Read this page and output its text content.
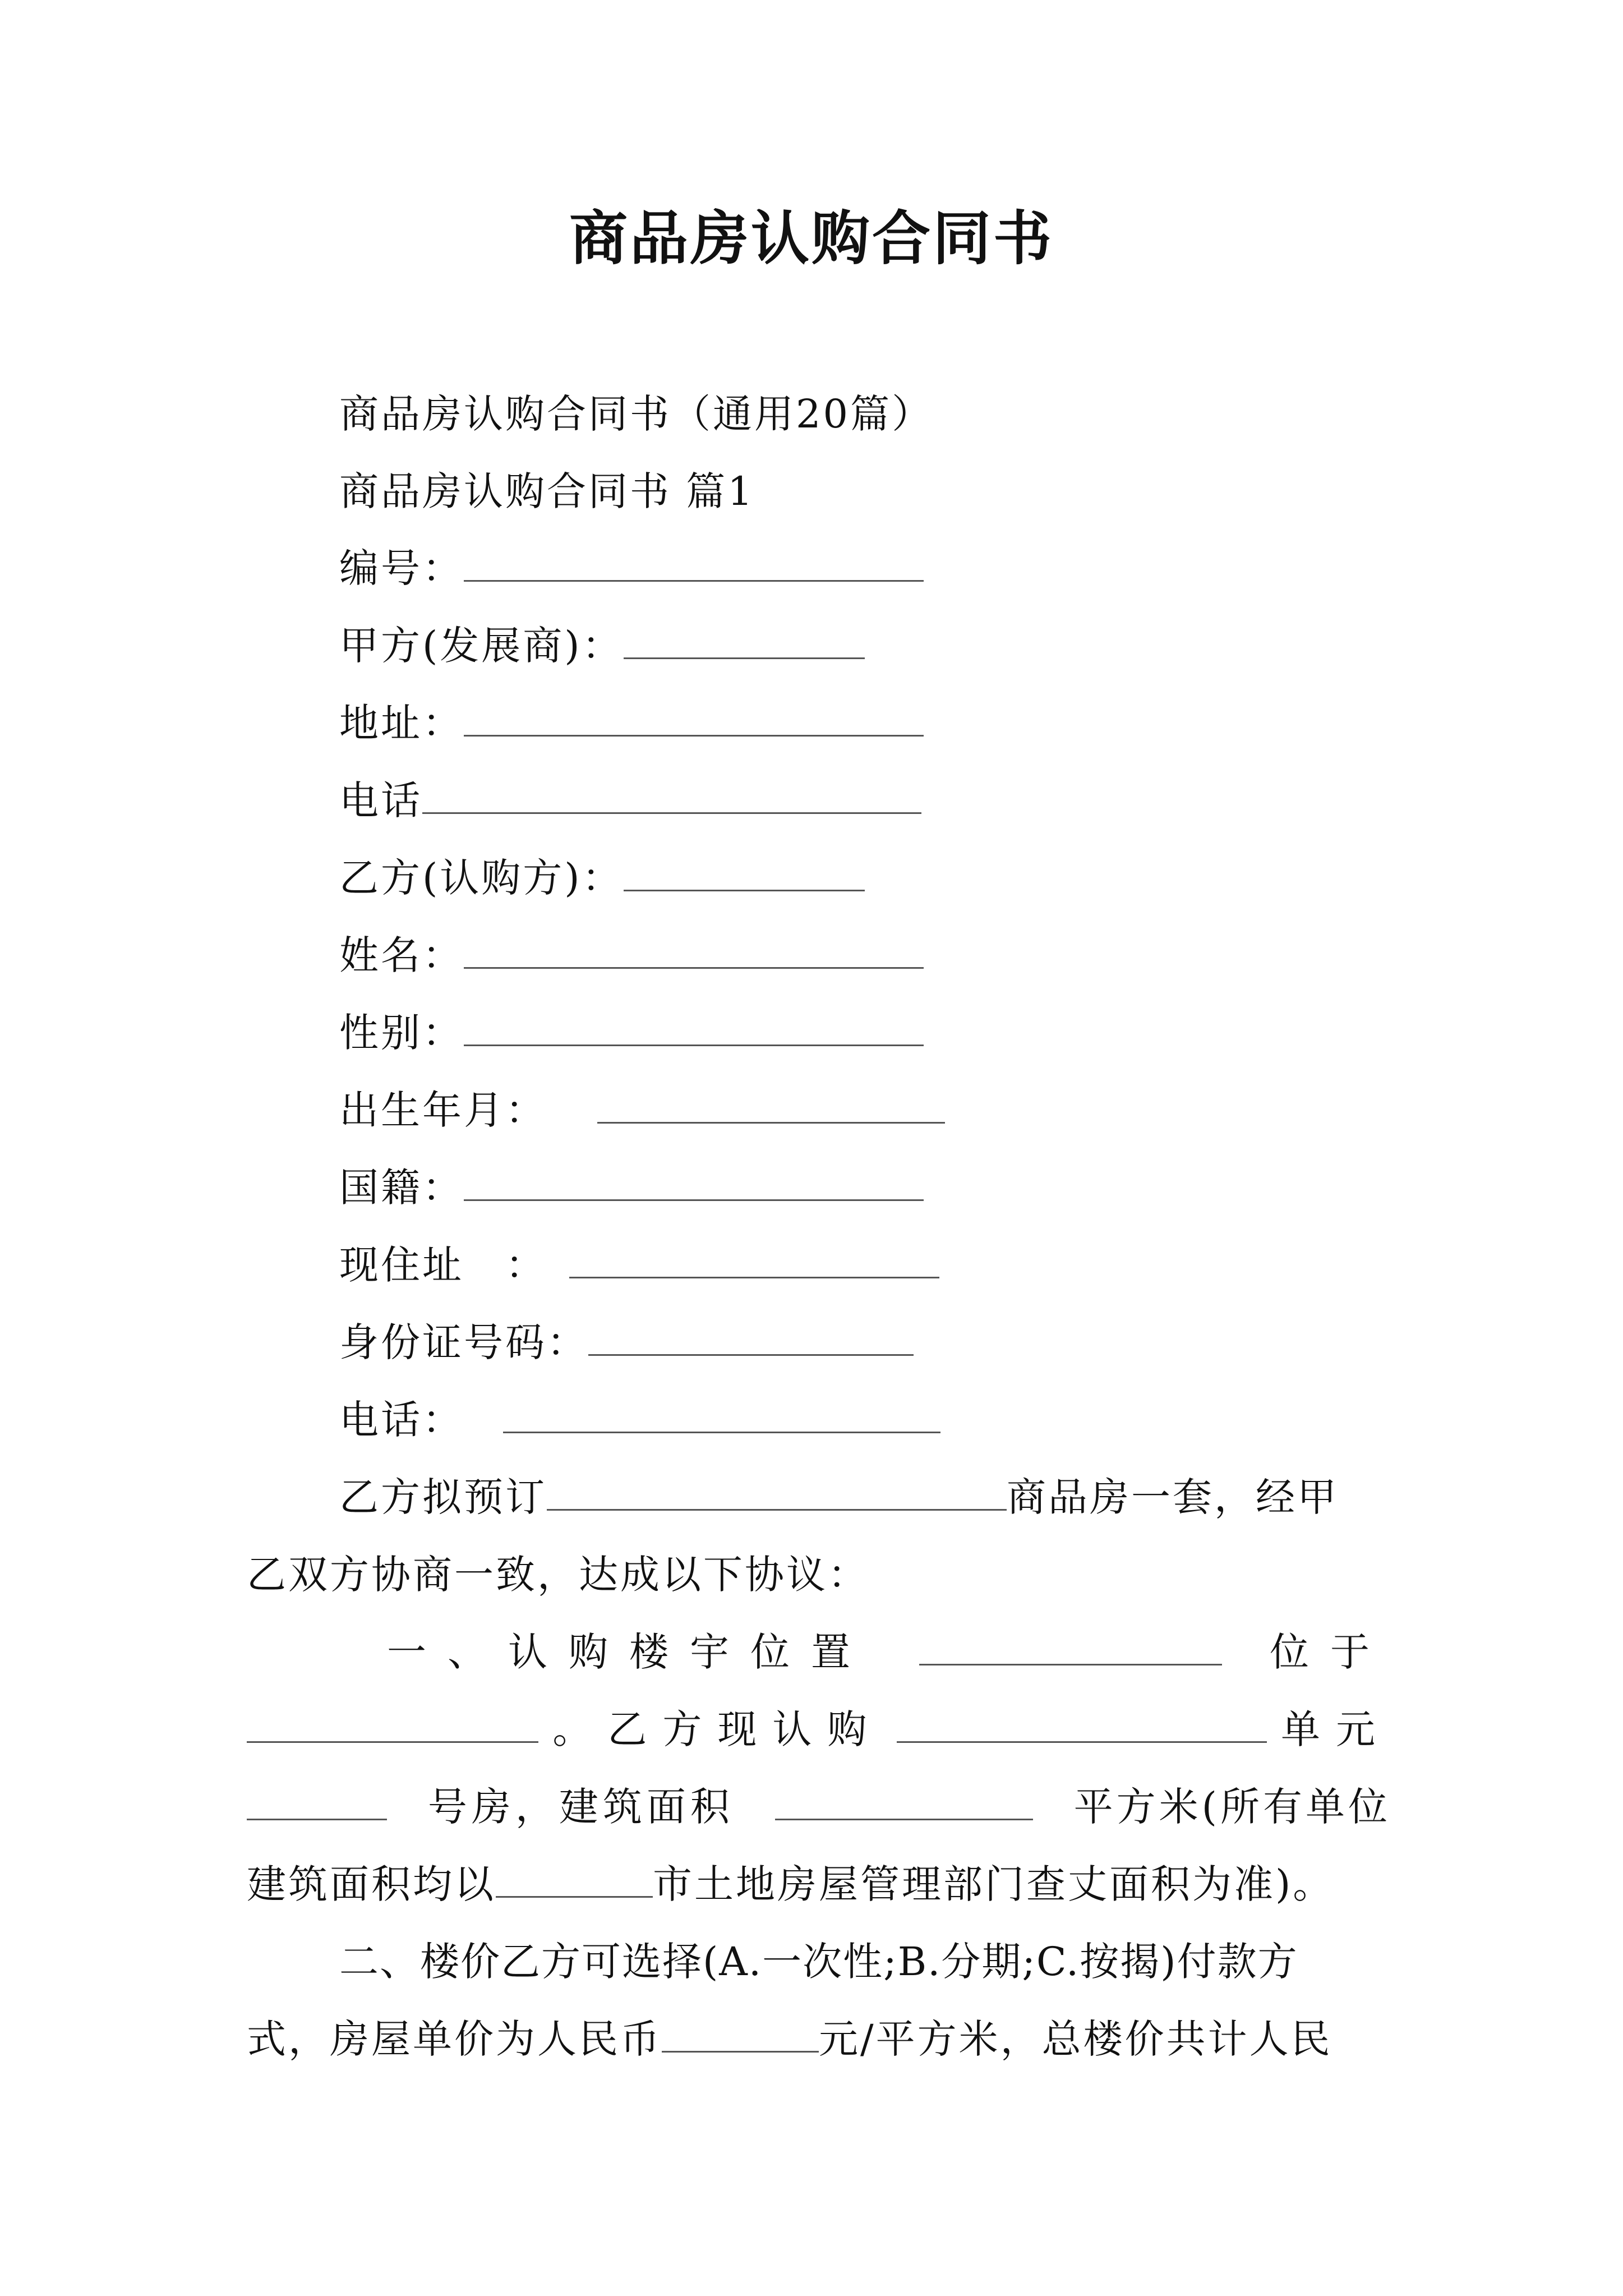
商品房认购合同书
商品房认购合同书（通用20篇）
商品房认购合同书 篇1
编号：
甲方(发展商)：
地址：
电话
乙方(认购方)：
姓名：
性别：
出生年月：
国籍：
现住址　：
身份证号码：
电话：
乙方拟预订	商品房一套，经甲
乙双方协商一致，达成以下协议：
一、认购楼宇位置	位于
。乙方现认购	单元
号房，建筑面积	平方米(所有单位
建筑面积均以	市土地房屋管理部门查丈面积为准)。
二、楼价乙方可选择(A.一次性;B.分期;C.按揭)付款方
式，房屋单价为人民币	元/平方米，总楼价共计人民
